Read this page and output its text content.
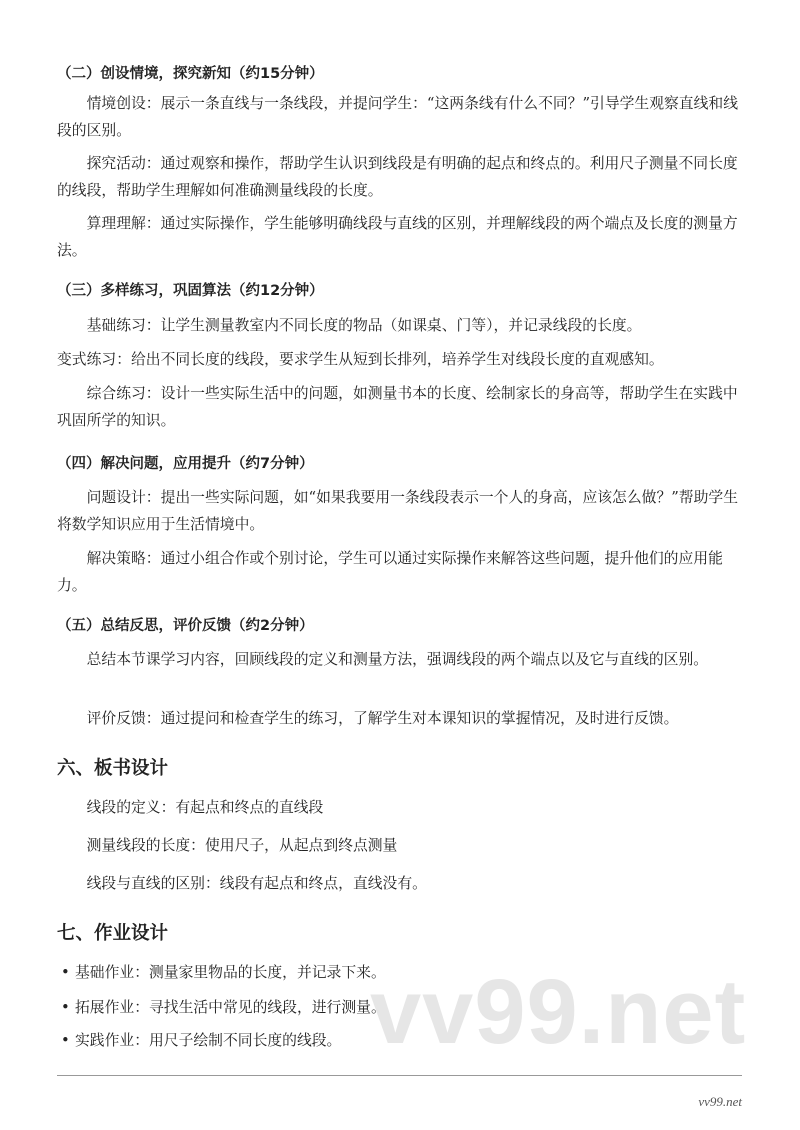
（二）创设情境，探究新知（约15分钟）

情境创设：展示一条直线与一条线段，并提问学生：“这两条线有什么不同？”引导学生观察直线和线段的区别。

探究活动：通过观察和操作，帮助学生认识到线段是有明确的起点和终点的。利用尺子测量不同长度的线段，帮助学生理解如何准确测量线段的长度。

算理理解：通过实际操作，学生能够明确线段与直线的区别，并理解线段的两个端点及长度的测量方法。

（三）多样练习，巩固算法（约12分钟）

基础练习：让学生测量教室内不同长度的物品（如课桌、门等），并记录线段的长度。

变式练习：给出不同长度的线段，要求学生从短到长排列，培养学生对线段长度的直观感知。

综合练习：设计一些实际生活中的问题，如测量书本的长度、绘制家长的身高等，帮助学生在实践中巩固所学的知识。

（四）解决问题，应用提升（约7分钟）

问题设计：提出一些实际问题，如“如果我要用一条线段表示一个人的身高，应该怎么做？”帮助学生将数学知识应用于生活情境中。

解决策略：通过小组合作或个别讨论，学生可以通过实际操作来解答这些问题，提升他们的应用能力。

（五）总结反思，评价反馈（约2分钟）

总结本节课学习内容，回顾线段的定义和测量方法，强调线段的两个端点以及它与直线的区别。

评价反馈：通过提问和检查学生的练习，了解学生对本课知识的掌握情况，及时进行反馈。

六、板书设计

线段的定义：有起点和终点的直线段

测量线段的长度：使用尺子，从起点到终点测量

线段与直线的区别：线段有起点和终点，直线没有。

七、作业设计

• 基础作业：测量家里物品的长度，并记录下来。

• 拓展作业：寻找生活中常见的线段，进行测量。

• 实践作业：用尺子绘制不同长度的线段。 vv99.net
vv99.net
